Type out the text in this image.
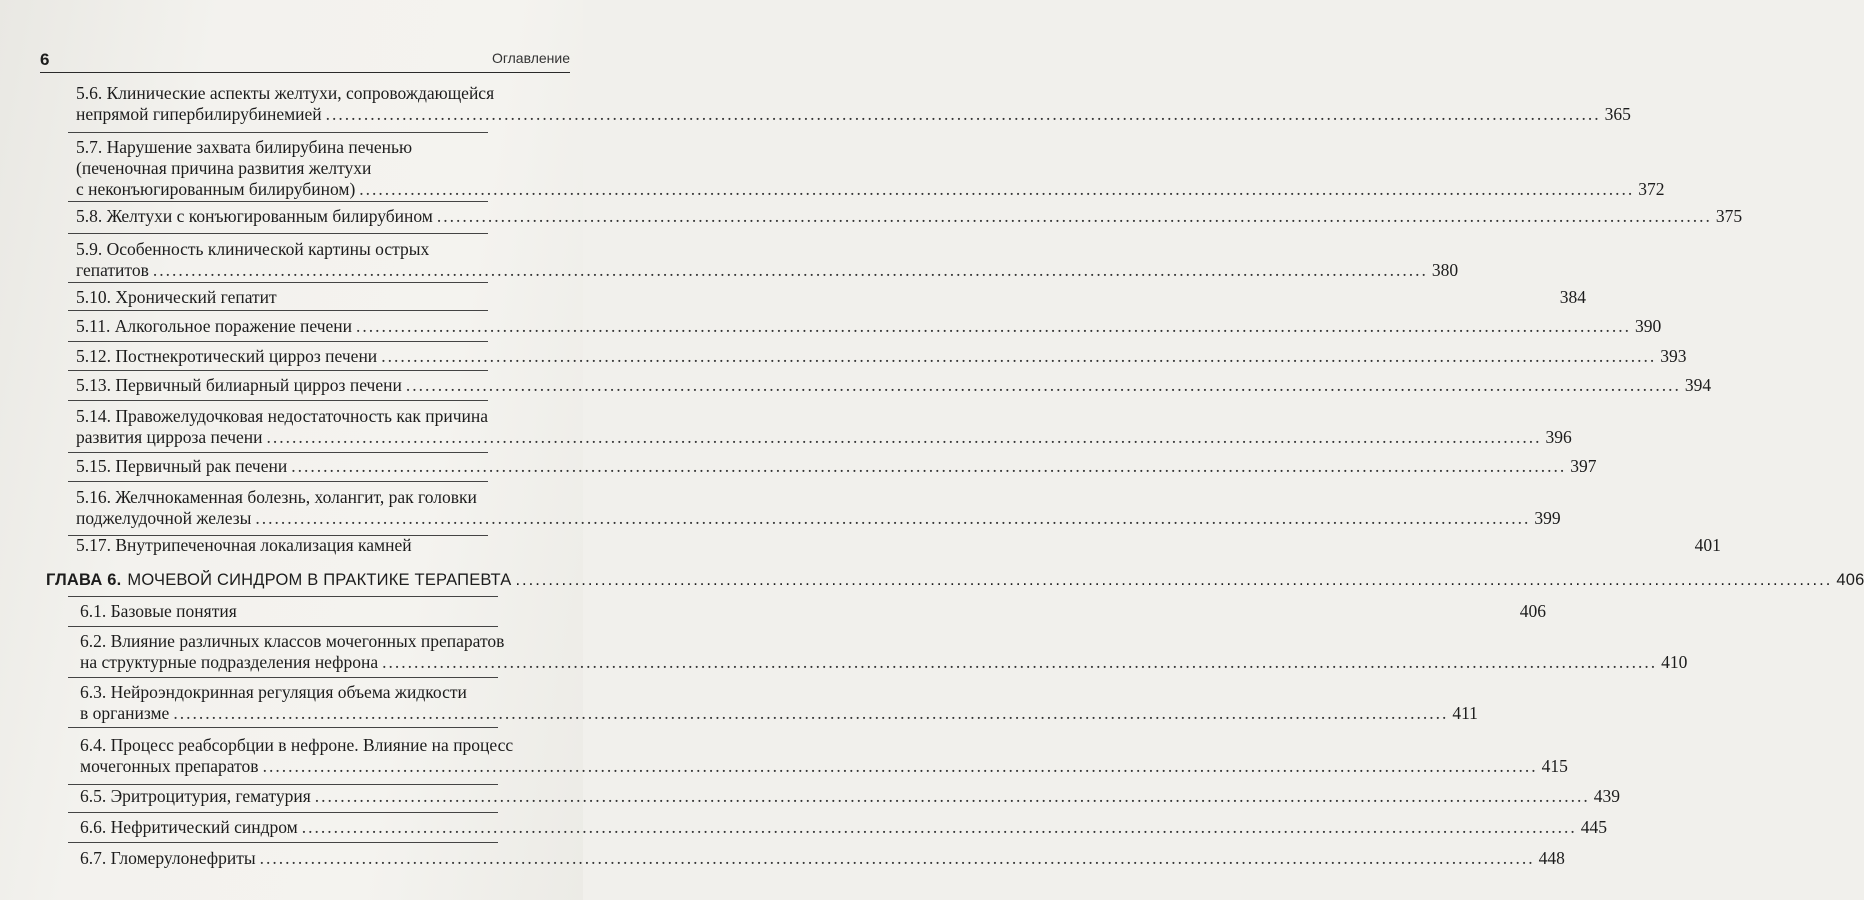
6	Оглавление
5.6. Клинические аспекты желтухи, сопровождающейся
непрямой гипербилирубинемией ........................................................................................................................................................................................................ 365
5.7. Нарушение захвата билирубина печенью
(печеночная причина развития желтухи
с неконъюгированным билирубином) ........................................................................................................................................................................................................ 372
5.8. Желтухи с конъюгированным билирубином ........................................................................................................................................................................................................ 375
5.9. Особенность клинической картины острых
гепатитов ........................................................................................................................................................................................................ 380
5.10. Хронический гепатит	384
5.11. Алкогольное поражение печени ........................................................................................................................................................................................................ 390
5.12. Постнекротический цирроз печени ........................................................................................................................................................................................................ 393
5.13. Первичный билиарный цирроз печени ........................................................................................................................................................................................................ 394
5.14. Правожелудочковая недостаточность как причина
развития цирроза печени ........................................................................................................................................................................................................ 396
5.15. Первичный рак печени ........................................................................................................................................................................................................ 397
5.16. Желчнокаменная болезнь, холангит, рак головки
поджелудочной железы ........................................................................................................................................................................................................ 399
5.17. Внутрипеченочная локализация камней	401
ГЛАВА 6. МОЧЕВОЙ СИНДРОМ В ПРАКТИКЕ ТЕРАПЕВТА ........................................................................................................................................................................................................ 406
6.1. Базовые понятия	406
6.2. Влияние различных классов мочегонных препаратов
на структурные подразделения нефрона ........................................................................................................................................................................................................ 410
6.3. Нейроэндокринная регуляция объема жидкости
в организме ........................................................................................................................................................................................................ 411
6.4. Процесс реабсорбции в нефроне. Влияние на процесс
мочегонных препаратов ........................................................................................................................................................................................................ 415
6.5. Эритроцитурия, гематурия ........................................................................................................................................................................................................ 439
6.6. Нефритический синдром ........................................................................................................................................................................................................ 445
6.7. Гломерулонефриты ........................................................................................................................................................................................................ 448
